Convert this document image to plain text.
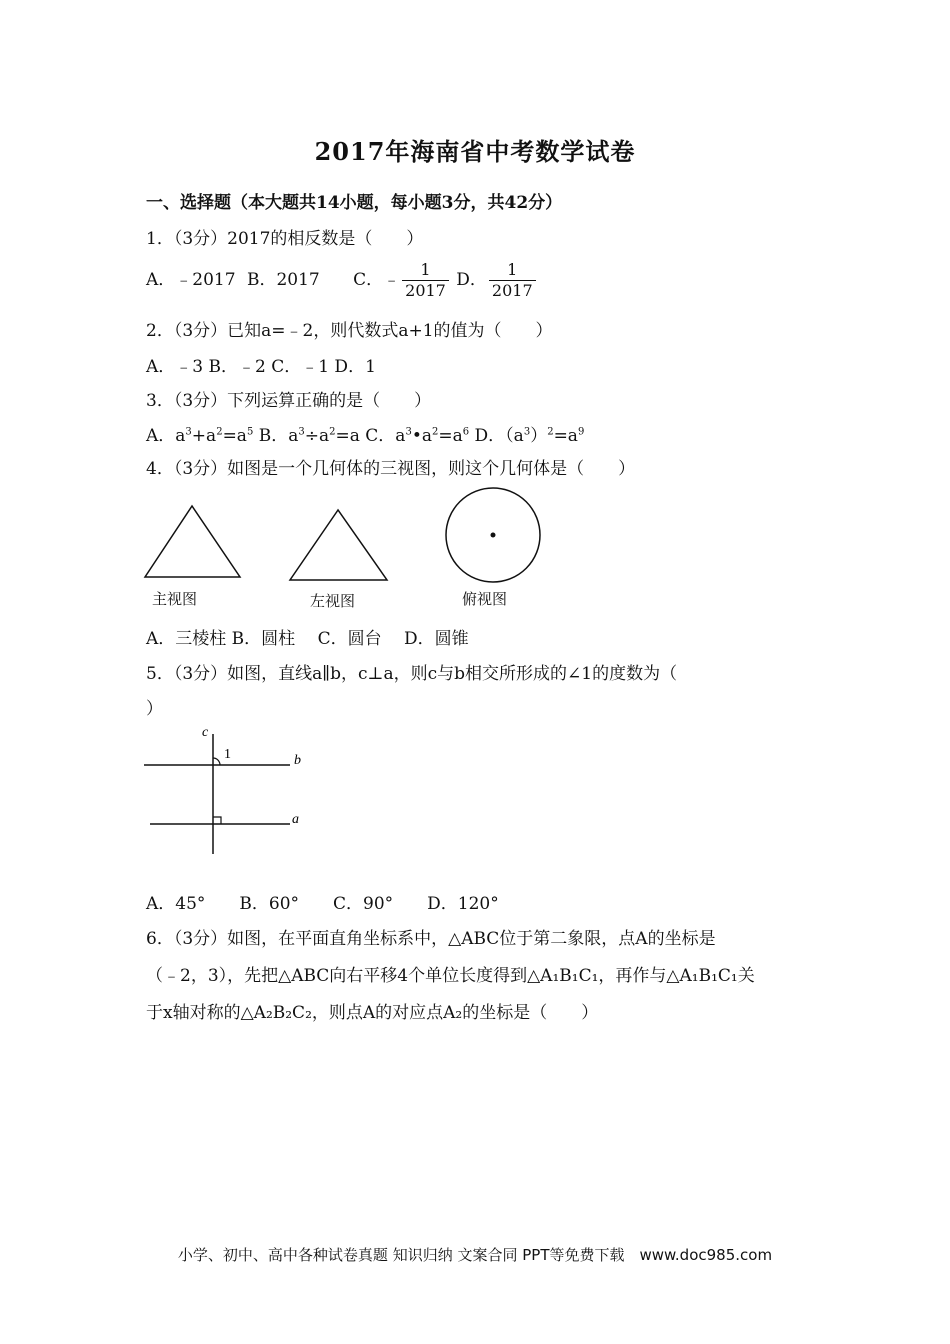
2017年海南省中考数学试卷
一、选择题（本大题共14小题，每小题3分，共42分）
1．（3分）2017的相反数是（　　）
A．﹣2017 B．2017 C．﹣ $\frac{1}{2017}$ D． $\frac{1}{2017}$
2．（3分）已知a=﹣2，则代数式a+1的值为（　　）
A．﹣3 B．﹣2 C．﹣1 D．1
3．（3分）下列运算正确的是（　　）
A．$a^3+a^2=a^5$ B．$a^3\div a^2=a$ C．$a^3•a^2=a^6$ D．$(a^3)^2=a^9$
4．（3分）如图是一个几何体的三视图，则这个几何体是（　　）
主视图	左视图	俯视图
A．三棱柱 B．圆柱　 C．圆台　 D．圆锥
5．（3分）如图，直线a∥b，c⊥a，则c与b相交所形成的∠1的度数为（
）
c
1	b
a
A．45°　　B．60°　　C．90°　　D．120°
6．（3分）如图，在平面直角坐标系中，△ABC位于第二象限，点A的坐标是
（﹣2，3），先把△ABC向右平移4个单位长度得到△A₁B₁C₁，再作与△A₁B₁C₁关
于x轴对称的△A₂B₂C₂，则点A的对应点A₂的坐标是（　　）
小学、初中、高中各种试卷真题 知识归纳 文案合同 PPT等免费下载　www.doc985.com
